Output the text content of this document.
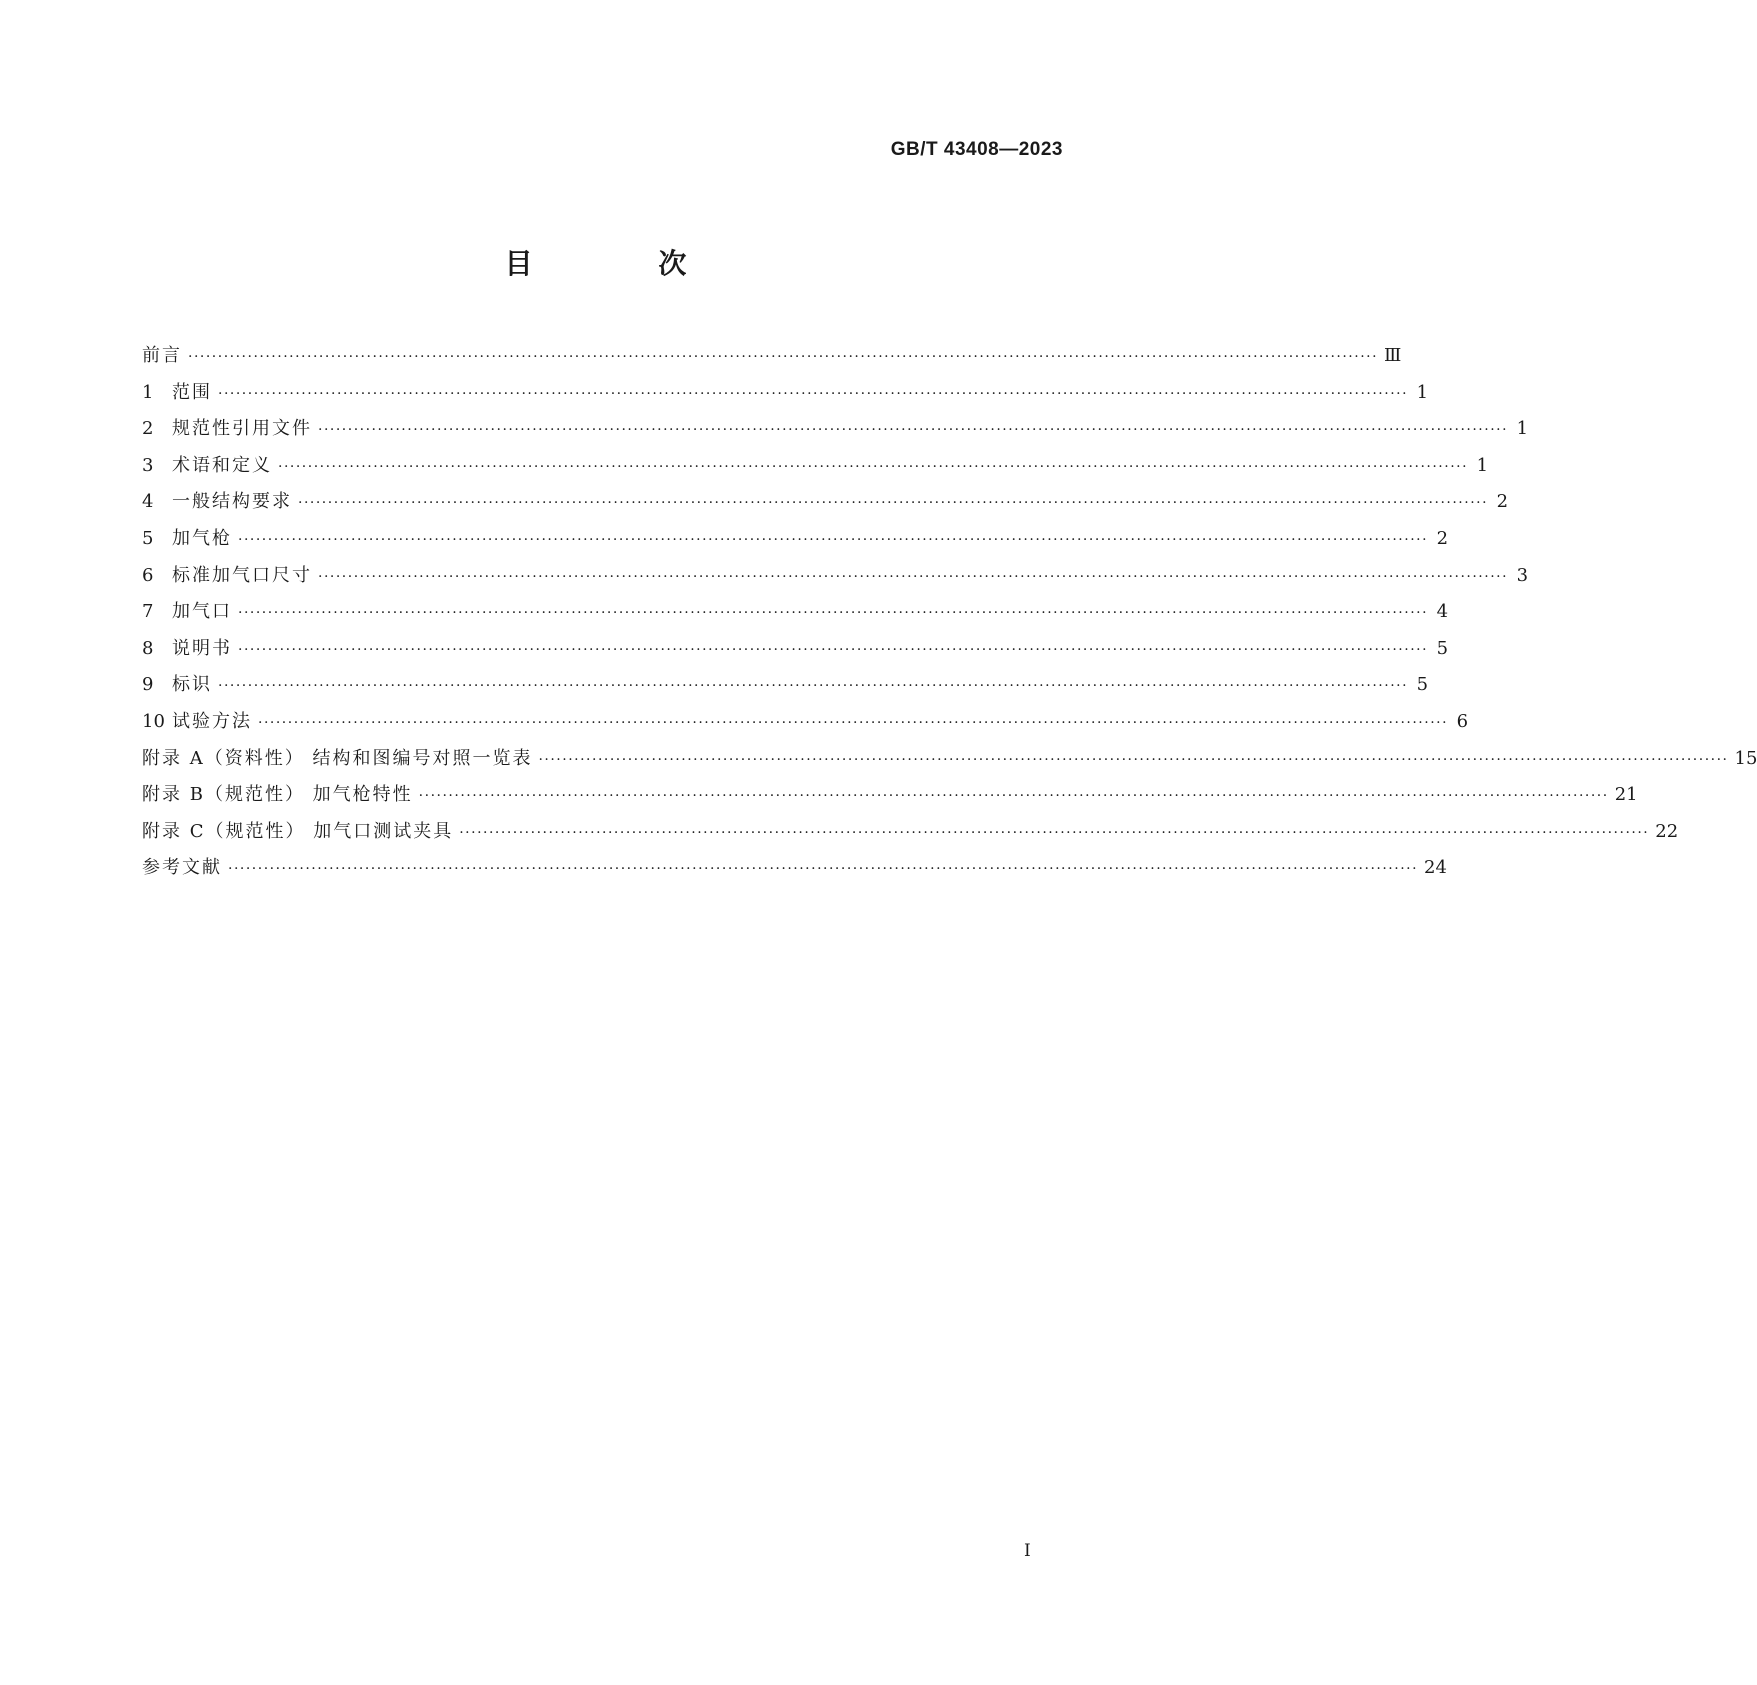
GB/T 43408—2023
目 次
前言 ········································································································································································································ Ⅲ
1	范围 ········································································································································································································ 1
2	规范性引用文件 ········································································································································································································ 1
3	术语和定义 ········································································································································································································ 1
4	一般结构要求 ········································································································································································································ 2
5	加气枪 ········································································································································································································ 2
6	标准加气口尺寸 ········································································································································································································ 3
7	加气口 ········································································································································································································ 4
8	说明书 ········································································································································································································ 5
9	标识 ········································································································································································································ 5
10 试验方法 ········································································································································································································ 6
附录 A（资料性） 结构和图编号对照一览表 ········································································································································································································ 15
附录 B（规范性） 加气枪特性 ········································································································································································································ 21
附录 C（规范性） 加气口测试夹具 ········································································································································································································ 22
参考文献 ········································································································································································································ 24
Ⅰ
